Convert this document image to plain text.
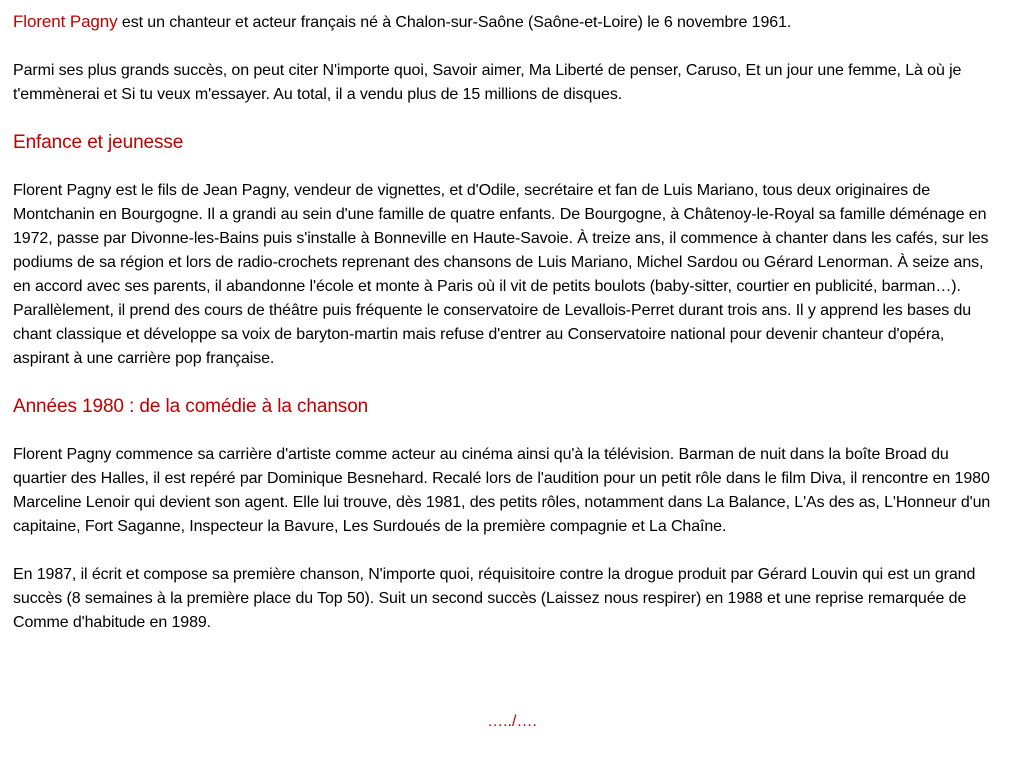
Florent Pagny est un chanteur et acteur français né à Chalon-sur-Saône (Saône-et-Loire) le 6 novembre 1961.

Parmi ses plus grands succès, on peut citer N'importe quoi, Savoir aimer, Ma Liberté de penser, Caruso, Et un jour une femme, Là où je t'emmènerai et Si tu veux m'essayer. Au total, il a vendu plus de 15 millions de disques.

Enfance et jeunesse

Florent Pagny est le fils de Jean Pagny, vendeur de vignettes, et d'Odile, secrétaire et fan de Luis Mariano, tous deux originaires de Montchanin en Bourgogne. Il a grandi au sein d'une famille de quatre enfants. De Bourgogne, à Châtenoy-le-Royal sa famille déménage en 1972, passe par Divonne-les-Bains puis s'installe à Bonneville en Haute-Savoie. À treize ans, il commence à chanter dans les cafés, sur les podiums de sa région et lors de radio-crochets reprenant des chansons de Luis Mariano, Michel Sardou ou Gérard Lenorman. À seize ans, en accord avec ses parents, il abandonne l'école et monte à Paris où il vit de petits boulots (baby-sitter, courtier en publicité, barman…). Parallèlement, il prend des cours de théâtre puis fréquente le conservatoire de Levallois-Perret durant trois ans. Il y apprend les bases du chant classique et développe sa voix de baryton-martin mais refuse d'entrer au Conservatoire national pour devenir chanteur d'opéra, aspirant à une carrière pop française.

Années 1980 : de la comédie à la chanson

Florent Pagny commence sa carrière d'artiste comme acteur au cinéma ainsi qu'à la télévision. Barman de nuit dans la boîte Broad du quartier des Halles, il est repéré par Dominique Besnehard. Recalé lors de l'audition pour un petit rôle dans le film Diva, il rencontre en 1980 Marceline Lenoir qui devient son agent. Elle lui trouve, dès 1981, des petits rôles, notamment dans La Balance, L'As des as, L'Honneur d'un capitaine, Fort Saganne, Inspecteur la Bavure, Les Surdoués de la première compagnie et La Chaîne.

En 1987, il écrit et compose sa première chanson, N'importe quoi, réquisitoire contre la drogue produit par Gérard Louvin qui est un grand succès (8 semaines à la première place du Top 50). Suit un second succès (Laissez nous respirer) en 1988 et une reprise remarquée de Comme d'habitude en 1989.

…../….
